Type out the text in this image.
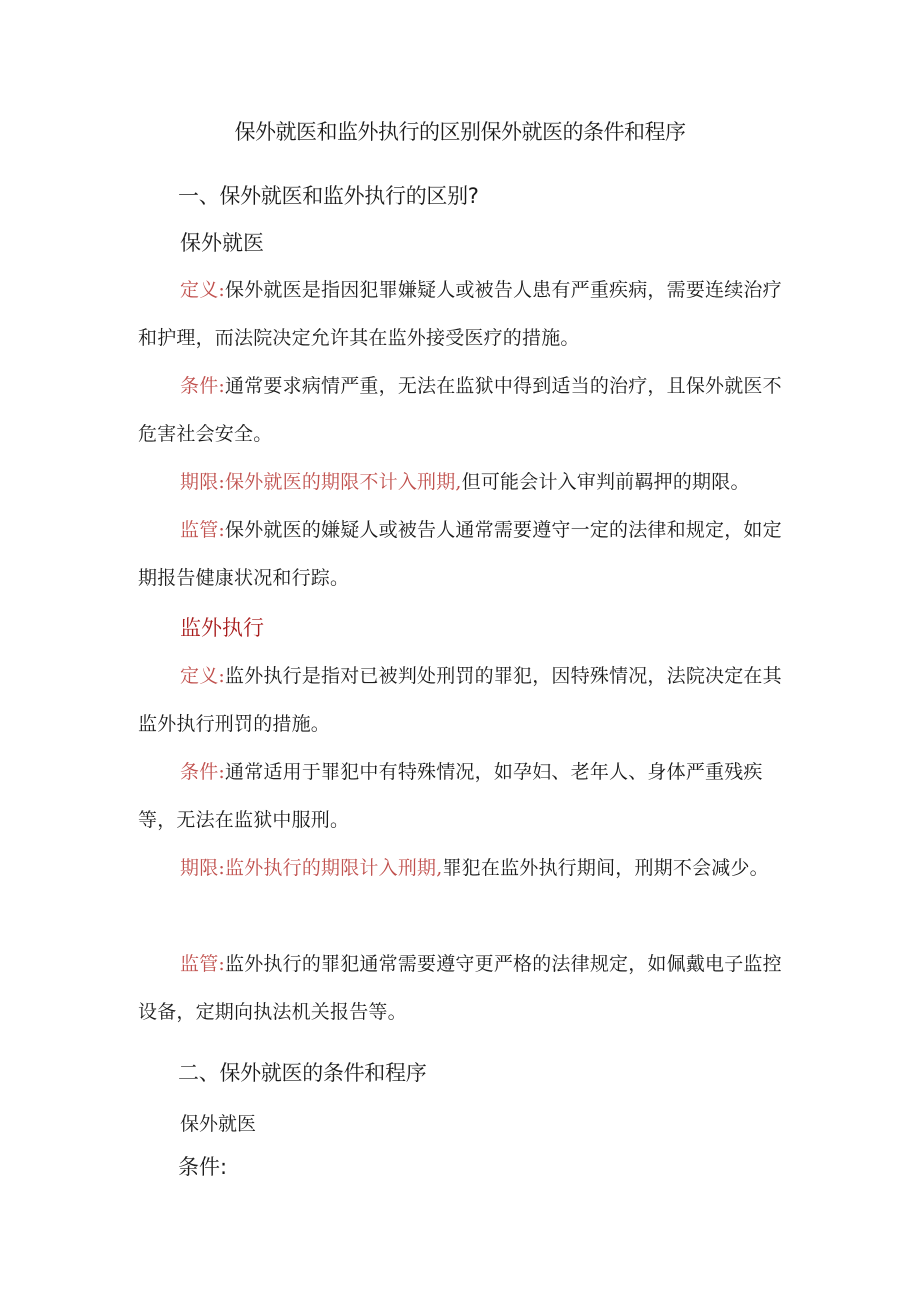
保外就医和监外执行的区别保外就医的条件和程序
一、保外就医和监外执行的区别?
保外就医

定义:保外就医是指因犯罪嫌疑人或被告人患有严重疾病，需要连续治疗和护理，而法院决定允许其在监外接受医疗的措施。

条件:通常要求病情严重，无法在监狱中得到适当的治疗，且保外就医不危害社会安全。

期限:保外就医的期限不计入刑期,但可能会计入审判前羁押的期限。

监管:保外就医的嫌疑人或被告人通常需要遵守一定的法律和规定，如定期报告健康状况和行踪。

监外执行

定义:监外执行是指对已被判处刑罚的罪犯，因特殊情况，法院决定在其监外执行刑罚的措施。

条件:通常适用于罪犯中有特殊情况，如孕妇、老年人、身体严重残疾等，无法在监狱中服刑。

期限:监外执行的期限计入刑期,罪犯在监外执行期间，刑期不会减少。

监管:监外执行的罪犯通常需要遵守更严格的法律规定，如佩戴电子监控设备，定期向执法机关报告等。

二、保外就医的条件和程序

保外就医

条件:
